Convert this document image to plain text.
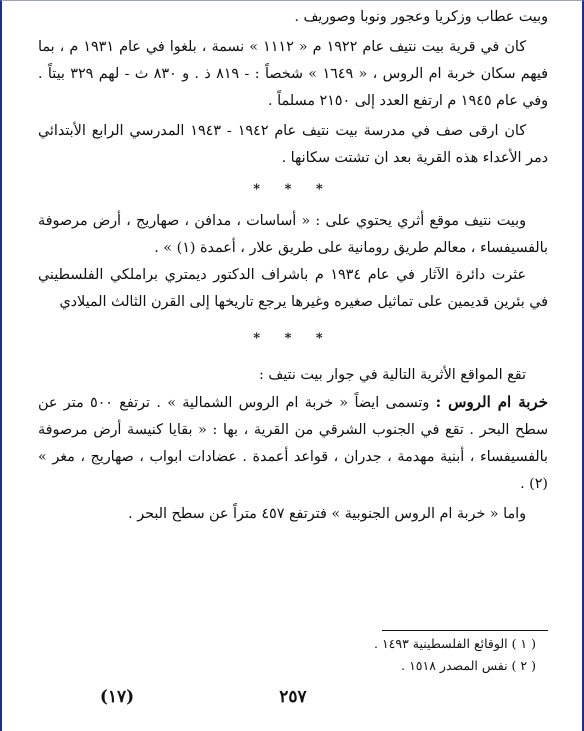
وبيت عطاب وزكريا وعجور ونوبا وصوريف .

كان في قرية بيت نتيف عام ١٩٢٢ م « ١١١٢ » نسمة ، بلغوا في عام ١٩٣١ م ، بما فيهم سكان خربة ام الروس ، « ١٦٤٩ » شخصاً : - ٨١٩ ذ . و ٨٣٠ ث - لهم ٣٢٩ بيتاً . وفي عام ١٩٤٥ م ارتفع العدد إلى ٢١٥٠ مسلماً .

كان ارقى صف في مدرسة بيت نتيف عام ١٩٤٢ - ١٩٤٣ المدرسي الرابع الأبتدائي دمر الأعداء هذه القرية بعد ان تشتت سكانها .

* * *

وبيت نتيف موقع أثري يحتوي على : « أساسات ، مدافن ، صهاريج ، أرض مرصوفة بالفسيفساء ، معالم طريق رومانية على طريق علار ، أعمدة (١) » .

عثرت دائرة الآثار في عام ١٩٣٤ م باشراف الدكتور ديمتري براملكي الفلسطيني في بئرين قديمين على تماثيل صغيره وغيرها يرجع تاريخها إلى القرن الثالث الميلادي

* * *

تقع المواقع الأثرية التالية في جوار بيت نتيف :

خربة ام الروس : وتسمى ايضاً « خربة ام الروس الشمالية » . ترتفع ٥٠٠ متر عن سطح البحر . تقع في الجنوب الشرقي من القرية ، بها : « بقايا كنيسة أرض مرصوفة بالفسيفساء ، أبنية مهدمة ، جدران ، قواعد أعمدة . عضادات ابواب ، صهاريج ، مغر » (٢) .

واما « خربة ام الروس الجنوبية » فترتفع ٤٥٧ متراً عن سطح البحر .

( ١ ) الوقائع الفلسطينية ١٤٩٣ .

( ٢ ) نفس المصدر ١٥١٨ .

٢٥٧
(١٧)
